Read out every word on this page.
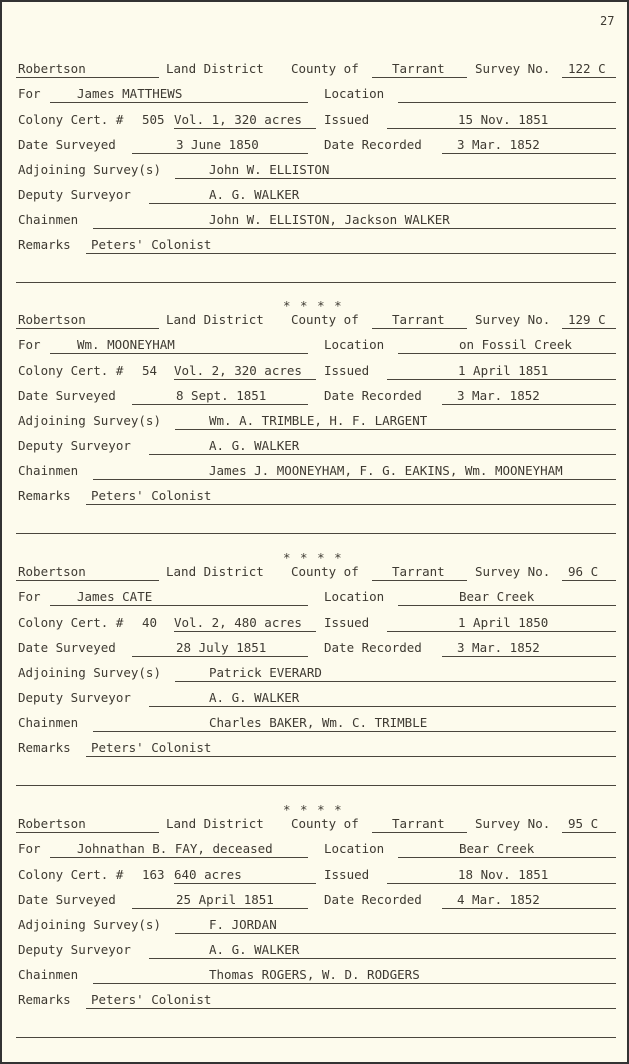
27
Robertson	Land District County of	Tarrant Survey No. 122 C
For	James MATTHEWS	Location
Colony Cert. # 505 Vol. 1, 320 acres Issued	15 Nov. 1851
Date Surveyed	3 June 1850	Date Recorded	3 Mar. 1852
Adjoining Survey(s)	John W. ELLISTON
Deputy Surveyor	A. G. WALKER
Chainmen	John W. ELLISTON, Jackson WALKER
Remarks Peters' Colonist
Robertson	Land District County of	Tarrant Survey No. 129 C
For	Wm. MOONEYHAM	Location	on Fossil Creek
Colony Cert. # 54 Vol. 2, 320 acres Issued	1 April 1851
Date Surveyed	8 Sept. 1851	Date Recorded	3 Mar. 1852
Adjoining Survey(s)	Wm. A. TRIMBLE, H. F. LARGENT
Deputy Surveyor	A. G. WALKER
Chainmen	James J. MOONEYHAM, F. G. EAKINS, Wm. MOONEYHAM
Remarks Peters' Colonist
Robertson	Land District County of	Tarrant Survey No. 96 C
For	James CATE	Location	Bear Creek
Colony Cert. # 40 Vol. 2, 480 acres Issued	1 April 1850
Date Surveyed	28 July 1851	Date Recorded	3 Mar. 1852
Adjoining Survey(s)	Patrick EVERARD
Deputy Surveyor	A. G. WALKER
Chainmen	Charles BAKER, Wm. C. TRIMBLE
Remarks Peters' Colonist
Robertson	Land District County of	Tarrant Survey No. 95 C
For	Johnathan B. FAY, deceased	Location	Bear Creek
Colony Cert. # 163 640 acres	Issued	18 Nov. 1851
Date Surveyed	25 April 1851	Date Recorded	4 Mar. 1852
Adjoining Survey(s)	F. JORDAN
Deputy Surveyor	A. G. WALKER
Chainmen	Thomas ROGERS, W. D. RODGERS
Remarks Peters' Colonist
* * * *
* * * *
* * * *
